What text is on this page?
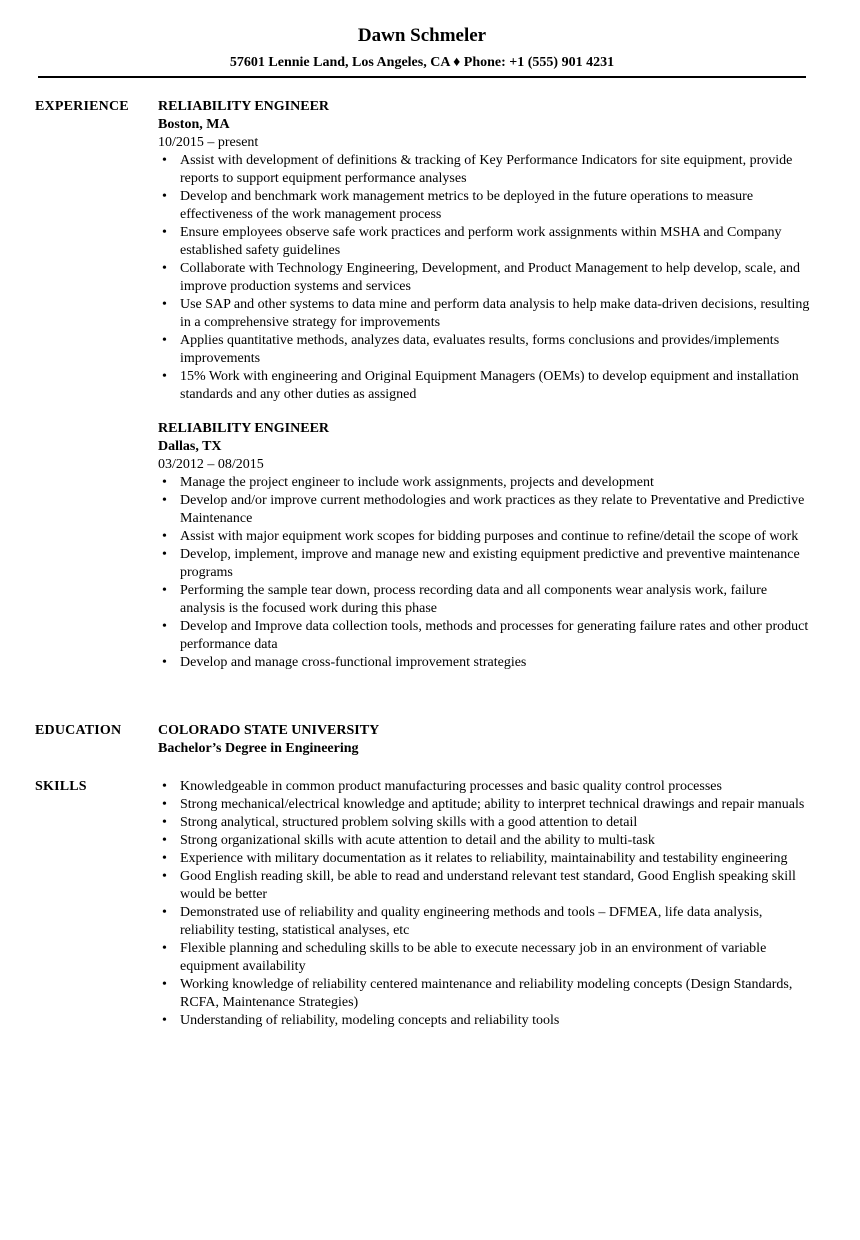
Dawn Schmeler
57601 Lennie Land, Los Angeles, CA ♦ Phone: +1 (555) 901 4231
EXPERIENCE RELIABILITY ENGINEER
Boston, MA
10/2015 – present
• Assist with development of definitions & tracking of Key Performance Indicators for site equipment, provide reports to support equipment performance analyses
• Develop and benchmark work management metrics to be deployed in the future operations to measure effectiveness of the work management process
• Ensure employees observe safe work practices and perform work assignments within MSHA and Company established safety guidelines
• Collaborate with Technology Engineering, Development, and Product Management to help develop, scale, and improve production systems and services
• Use SAP and other systems to data mine and perform data analysis to help make data-driven decisions, resulting in a comprehensive strategy for improvements
• Applies quantitative methods, analyzes data, evaluates results, forms conclusions and provides/implements improvements
• 15% Work with engineering and Original Equipment Managers (OEMs) to develop equipment and installation standards and any other duties as assigned
RELIABILITY ENGINEER
Dallas, TX
03/2012 – 08/2015
• Manage the project engineer to include work assignments, projects and development
• Develop and/or improve current methodologies and work practices as they relate to Preventative and Predictive Maintenance
• Assist with major equipment work scopes for bidding purposes and continue to refine/detail the scope of work
• Develop, implement, improve and manage new and existing equipment predictive and preventive maintenance programs
• Performing the sample tear down, process recording data and all components wear analysis work, failure analysis is the focused work during this phase
• Develop and Improve data collection tools, methods and processes for generating failure rates and other product performance data
• Develop and manage cross-functional improvement strategies
EDUCATION	COLORADO STATE UNIVERSITY
Bachelor’s Degree in Engineering
SKILLS
•	Knowledgeable in common product manufacturing processes and basic quality control processes
• Strong mechanical/electrical knowledge and aptitude; ability to interpret technical drawings and repair manuals
• Strong analytical, structured problem solving skills with a good attention to detail
• Strong organizational skills with acute attention to detail and the ability to multi-task
• Experience with military documentation as it relates to reliability, maintainability and testability engineering
• Good English reading skill, be able to read and understand relevant test standard, Good English speaking skill would be better
• Demonstrated use of reliability and quality engineering methods and tools – DFMEA, life data analysis, reliability testing, statistical analyses, etc
• Flexible planning and scheduling skills to be able to execute necessary job in an environment of variable equipment availability
• Working knowledge of reliability centered maintenance and reliability modeling concepts (Design Standards, RCFA, Maintenance Strategies)
• Understanding of reliability, modeling concepts and reliability tools
